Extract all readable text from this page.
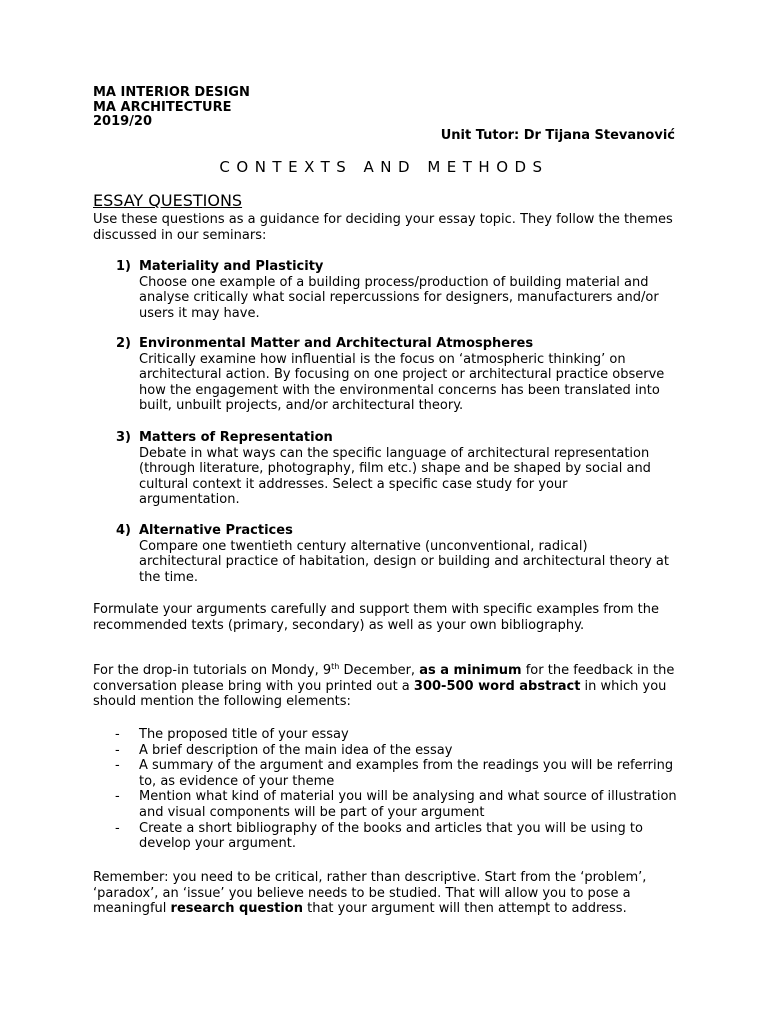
MA INTERIOR DESIGN
MA ARCHITECTURE
2019/20
Unit Tutor: Dr Tijana Stevanović
CONTEXTS AND METHODS
ESSAY QUESTIONS
Use these questions as a guidance for deciding your essay topic. They follow the themes discussed in our seminars:
1) Materiality and Plasticity
Choose one example of a building process/production of building material and analyse critically what social repercussions for designers, manufacturers and/or users it may have.
2) Environmental Matter and Architectural Atmospheres
Critically examine how influential is the focus on ‘atmospheric thinking’ on architectural action. By focusing on one project or architectural practice observe how the engagement with the environmental concerns has been translated into built, unbuilt projects, and/or architectural theory.
3) Matters of Representation
Debate in what ways can the specific language of architectural representation (through literature, photography, film etc.) shape and be shaped by social and cultural context it addresses. Select a specific case study for your argumentation.
4) Alternative Practices
Compare one twentieth century alternative (unconventional, radical) architectural practice of habitation, design or building and architectural theory at the time.
Formulate your arguments carefully and support them with specific examples from the recommended texts (primary, secondary) as well as your own bibliography.
For the drop-in tutorials on Mondy, 9th December, as a minimum for the feedback in the conversation please bring with you printed out a 300-500 word abstract in which you should mention the following elements:
- The proposed title of your essay
- A brief description of the main idea of the essay
- A summary of the argument and examples from the readings you will be referring to, as evidence of your theme
- Mention what kind of material you will be analysing and what source of illustration and visual components will be part of your argument
- Create a short bibliography of the books and articles that you will be using to develop your argument.
Remember: you need to be critical, rather than descriptive. Start from the ‘problem’, ‘paradox’, an ‘issue’ you believe needs to be studied. That will allow you to pose a meaningful research question that your argument will then attempt to address.
